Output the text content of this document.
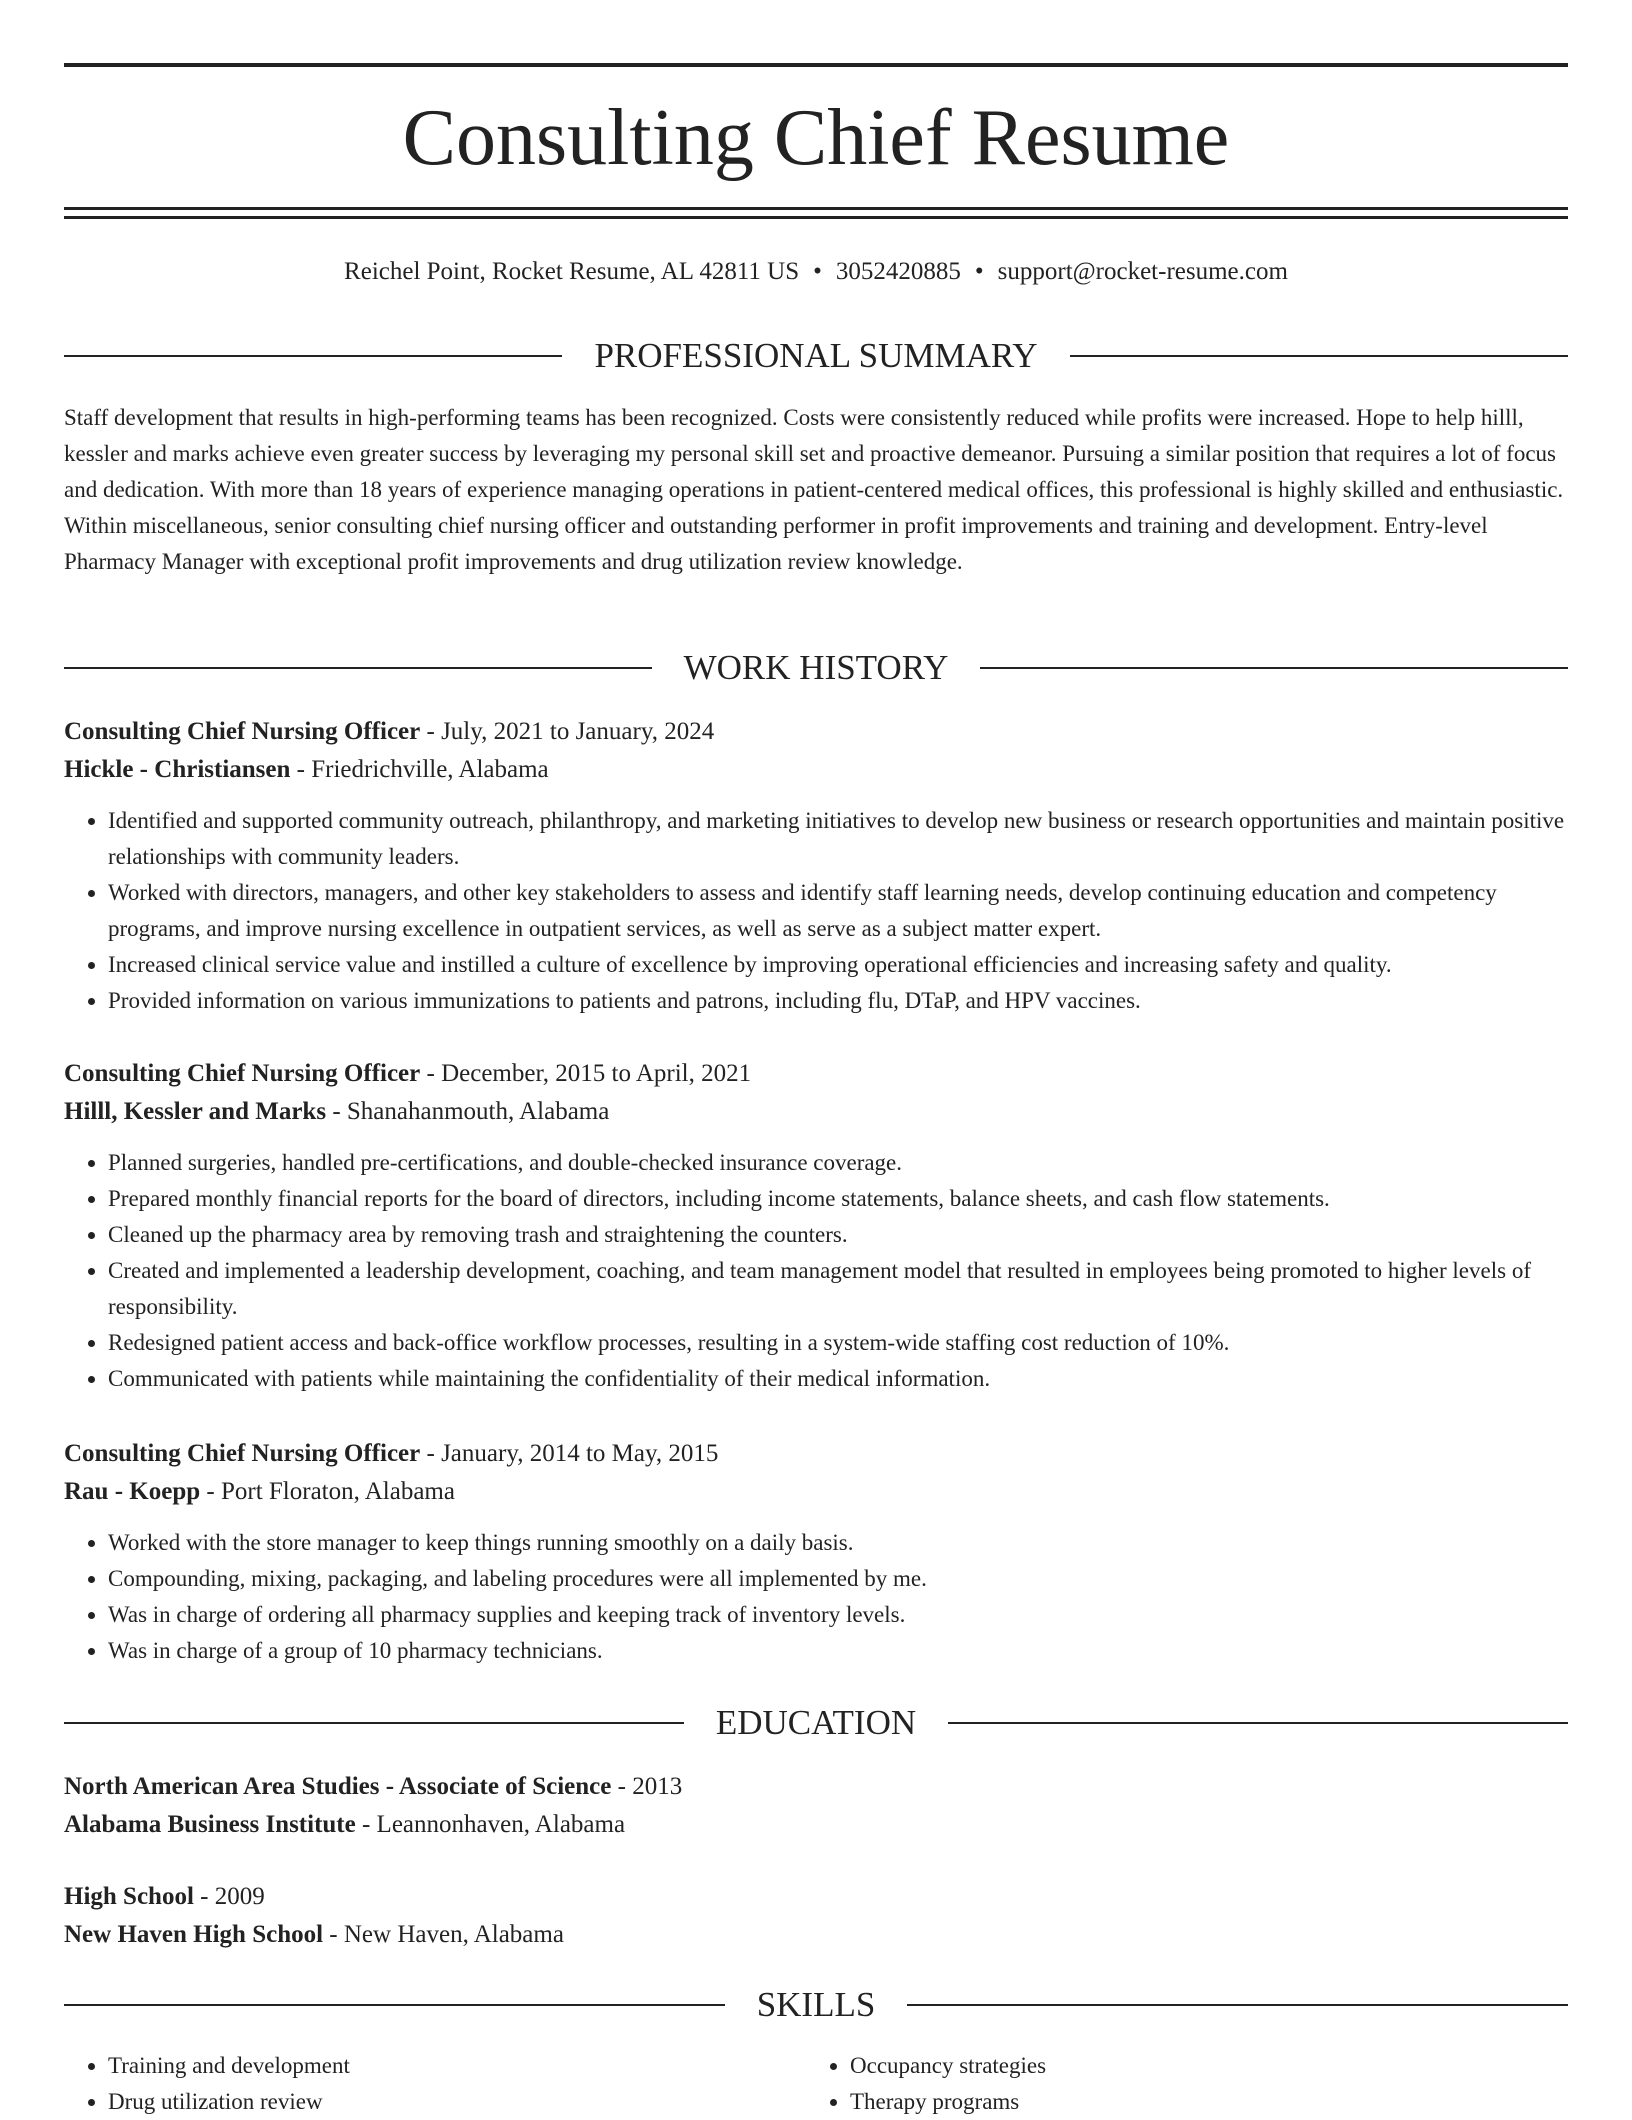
Consulting Chief Resume
Reichel Point, Rocket Resume, AL 42811 US • 3052420885 • support@rocket-resume.com
PROFESSIONAL SUMMARY

Staff development that results in high-performing teams has been recognized. Costs were consistently reduced while profits were increased. Hope to help hilll, kessler and marks achieve even greater success by leveraging my personal skill set and proactive demeanor. Pursuing a similar position that requires a lot of focus and dedication. With more than 18 years of experience managing operations in patient-centered medical offices, this professional is highly skilled and enthusiastic. Within miscellaneous, senior consulting chief nursing officer and outstanding performer in profit improvements and training and development. Entry-level Pharmacy Manager with exceptional profit improvements and drug utilization review knowledge.

WORK HISTORY

Consulting Chief Nursing Officer - July, 2021 to January, 2024

Hickle - Christiansen - Friedrichville, Alabama

• Identified and supported community outreach, philanthropy, and marketing initiatives to develop new business or research opportunities and maintain positive relationships with community leaders.
• Worked with directors, managers, and other key stakeholders to assess and identify staff learning needs, develop continuing education and competency programs, and improve nursing excellence in outpatient services, as well as serve as a subject matter expert.
• Increased clinical service value and instilled a culture of excellence by improving operational efficiencies and increasing safety and quality.
• Provided information on various immunizations to patients and patrons, including flu, DTaP, and HPV vaccines.

Consulting Chief Nursing Officer - December, 2015 to April, 2021

Hilll, Kessler and Marks - Shanahanmouth, Alabama

• Planned surgeries, handled pre-certifications, and double-checked insurance coverage.
• Prepared monthly financial reports for the board of directors, including income statements, balance sheets, and cash flow statements.
• Cleaned up the pharmacy area by removing trash and straightening the counters.
• Created and implemented a leadership development, coaching, and team management model that resulted in employees being promoted to higher levels of responsibility.
• Redesigned patient access and back-office workflow processes, resulting in a system-wide staffing cost reduction of 10%.
• Communicated with patients while maintaining the confidentiality of their medical information.

Consulting Chief Nursing Officer - January, 2014 to May, 2015

Rau - Koepp - Port Floraton, Alabama

• Worked with the store manager to keep things running smoothly on a daily basis.
• Compounding, mixing, packaging, and labeling procedures were all implemented by me.
• Was in charge of ordering all pharmacy supplies and keeping track of inventory levels.
• Was in charge of a group of 10 pharmacy technicians.
EDUCATION

North American Area Studies - Associate of Science - 2013

Alabama Business Institute - Leannonhaven, Alabama

High School - 2009

New Haven High School - New Haven, Alabama

SKILLS
• Training and development
• Drug utilization review
• Occupancy strategies
• Therapy programs
